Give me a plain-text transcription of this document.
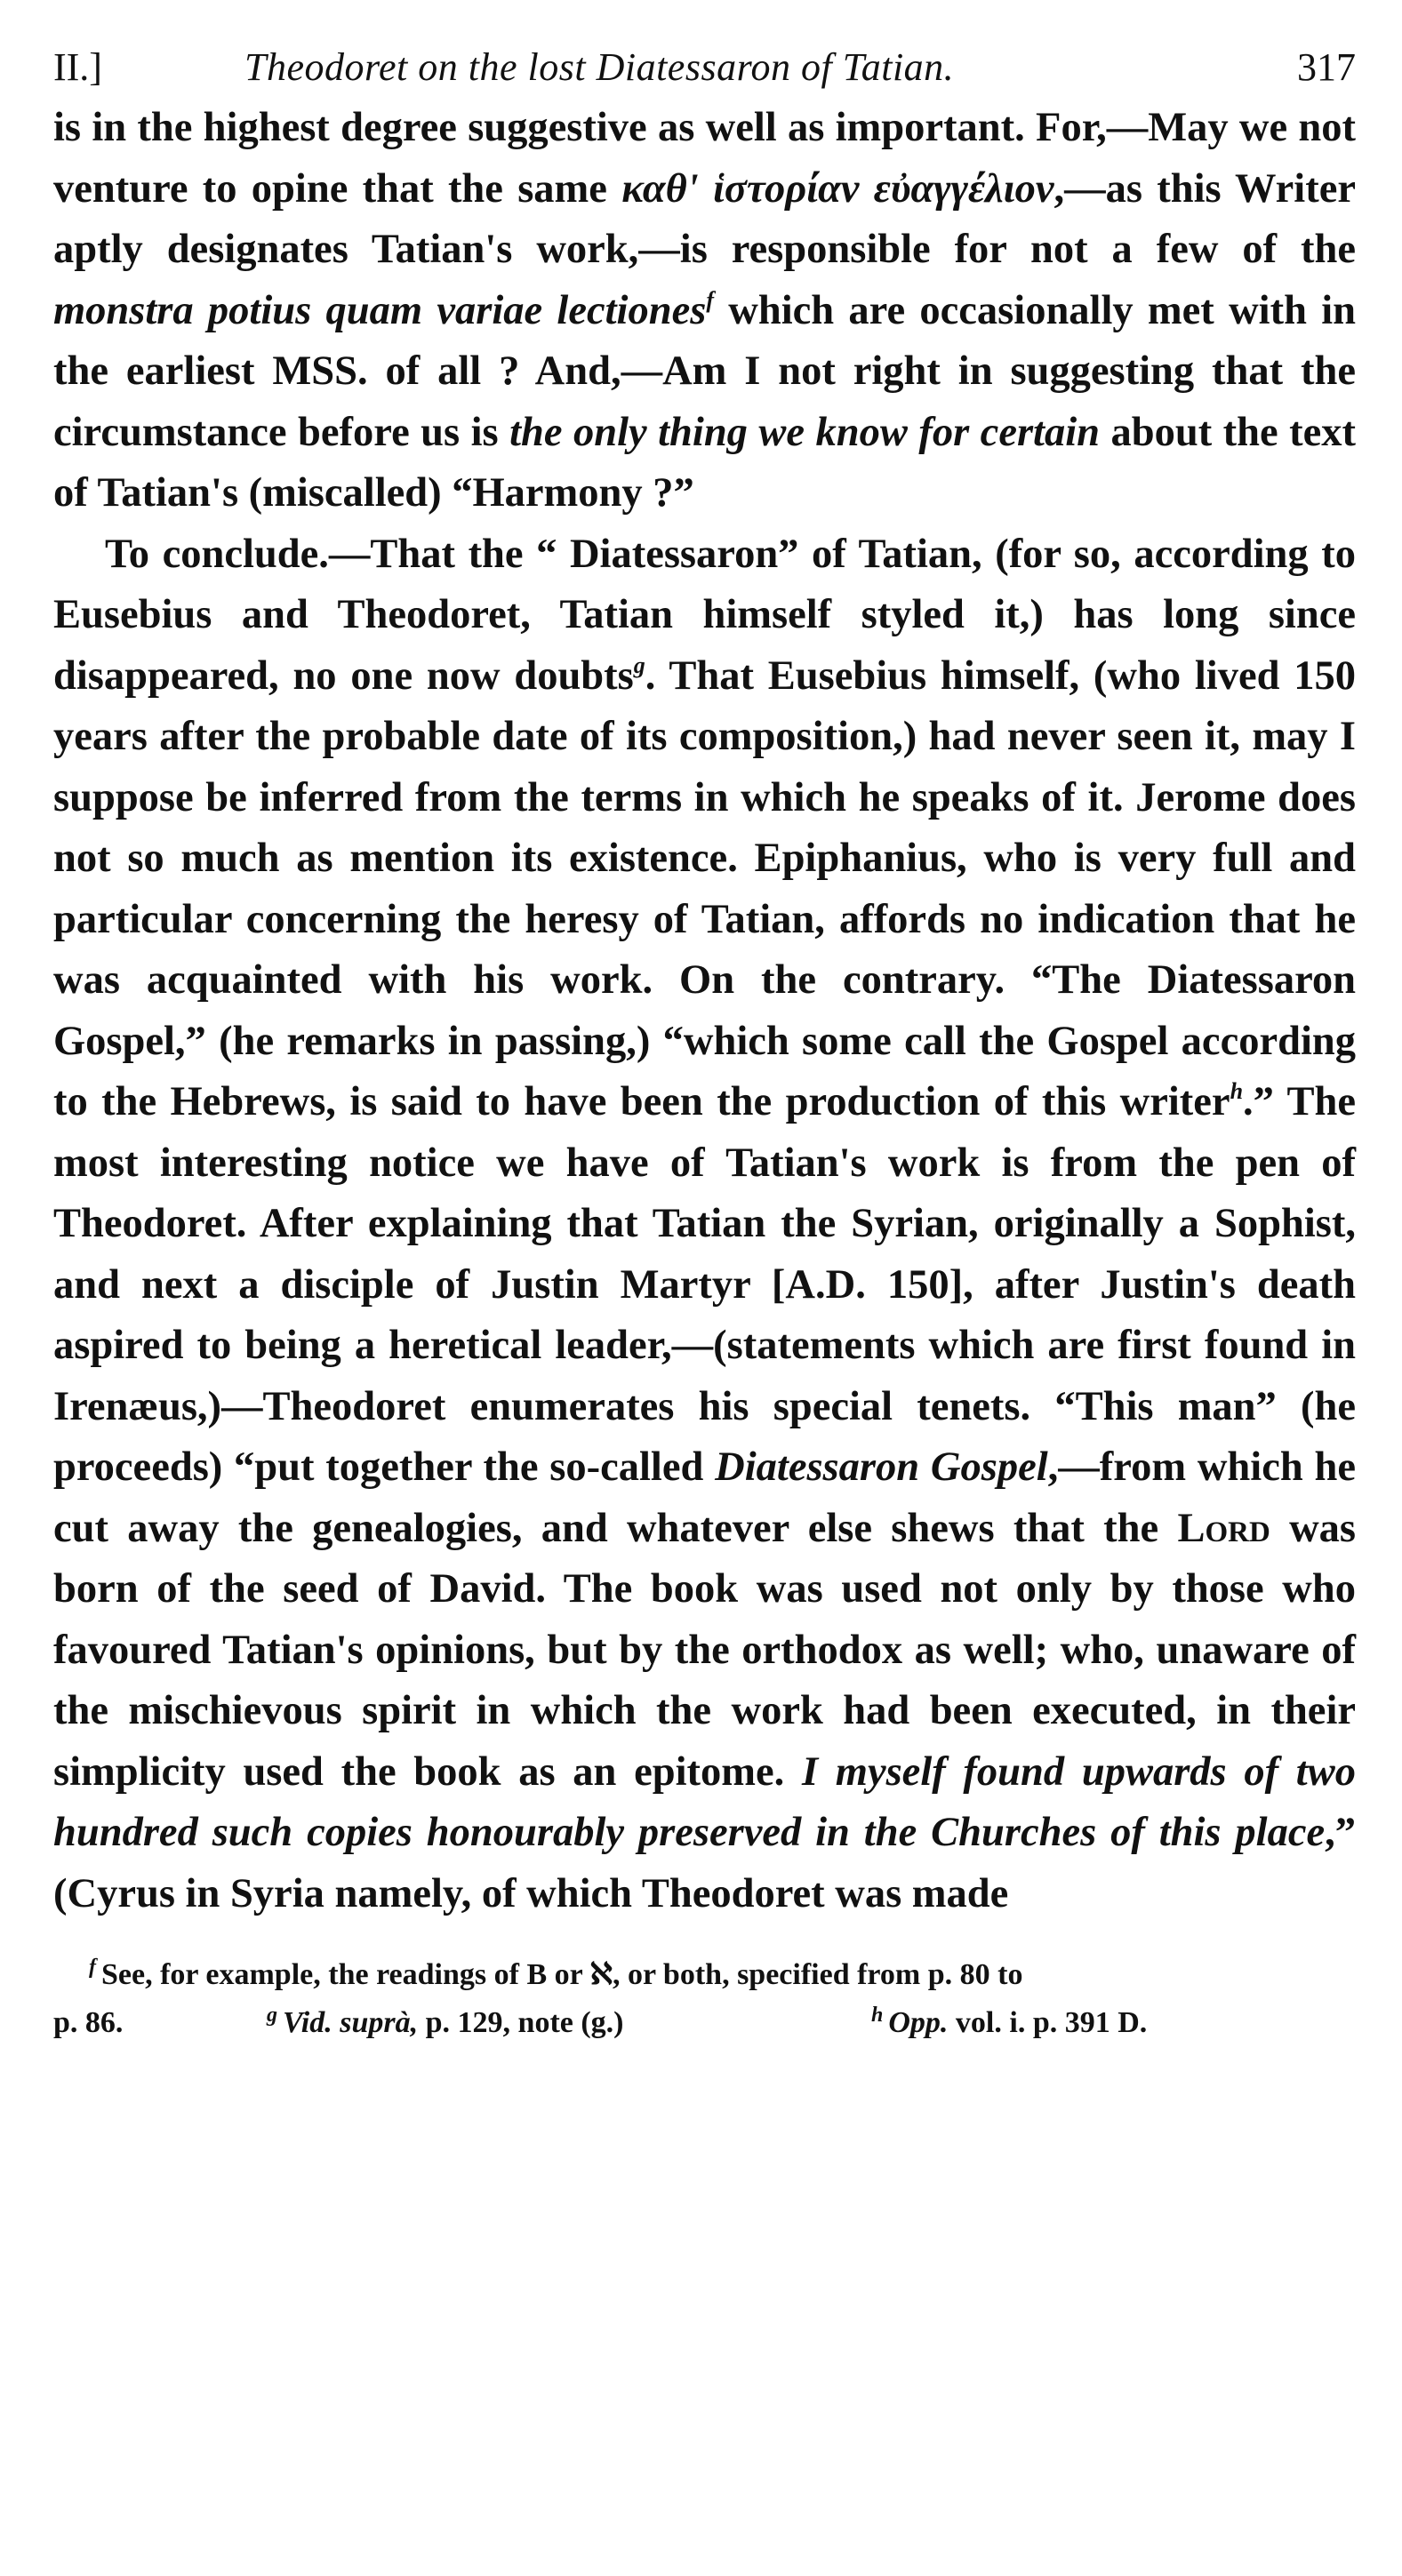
II.]	Theodoret on the lost Diatessaron of Tatian.	317

is in the highest degree suggestive as well as important. For,—May we not venture to opine that the same καθ' ἱστορίαν εὐαγγέλιον,—as this Writer aptly designates Tatian's work,—is responsible for not a few of the monstra potius quam variae lectiones$^f$ which are occasionally met with in the earliest MSS. of all ? And,—Am I not right in suggesting that the circumstance before us is the only thing we know for certain about the text of Tatian's (miscalled) “Harmony ?”

To conclude.—That the “ Diatessaron” of Tatian, (for so, according to Eusebius and Theodoret, Tatian himself styled it,) has long since disappeared, no one now doubts$^g$. That Eusebius himself, (who lived 150 years after the probable date of its composition,) had never seen it, may I suppose be inferred from the terms in which he speaks of it. Jerome does not so much as mention its existence. Epiphanius, who is very full and particular concerning the heresy of Tatian, affords no indication that he was acquainted with his work. On the contrary. “The Diatessaron Gospel,” (he remarks in passing,) “which some call the Gospel according to the Hebrews, is said to have been the production of this writer$^h$.” The most interesting notice we have of Tatian's work is from the pen of Theodoret. After explaining that Tatian the Syrian, originally a Sophist, and next a disciple of Justin Martyr [A.D. 150], after Justin's death aspired to being a heretical leader,—(statements which are first found in Irenæus,)—Theodoret enumerates his special tenets. “This man” (he proceeds) “put together the so-called Diatessaron Gospel,—from which he cut away the genealogies, and whatever else shews that the Lord was born of the seed of David. The book was used not only by those who favoured Tatian's opinions, but by the orthodox as well; who, unaware of the mischievous spirit in which the work had been executed, in their simplicity used the book as an epitome. I myself found upwards of two hundred such copies honourably preserved in the Churches of this place,” (Cyrus in Syria namely, of which Theodoret was made

$^f$ See, for example, the readings of B or ℵ, or both, specified from p. 80 to

p. 86.	$^g$ Vid. suprà, p. 129, note (g.)	$^h$ Opp. vol. i. p. 391 D.
